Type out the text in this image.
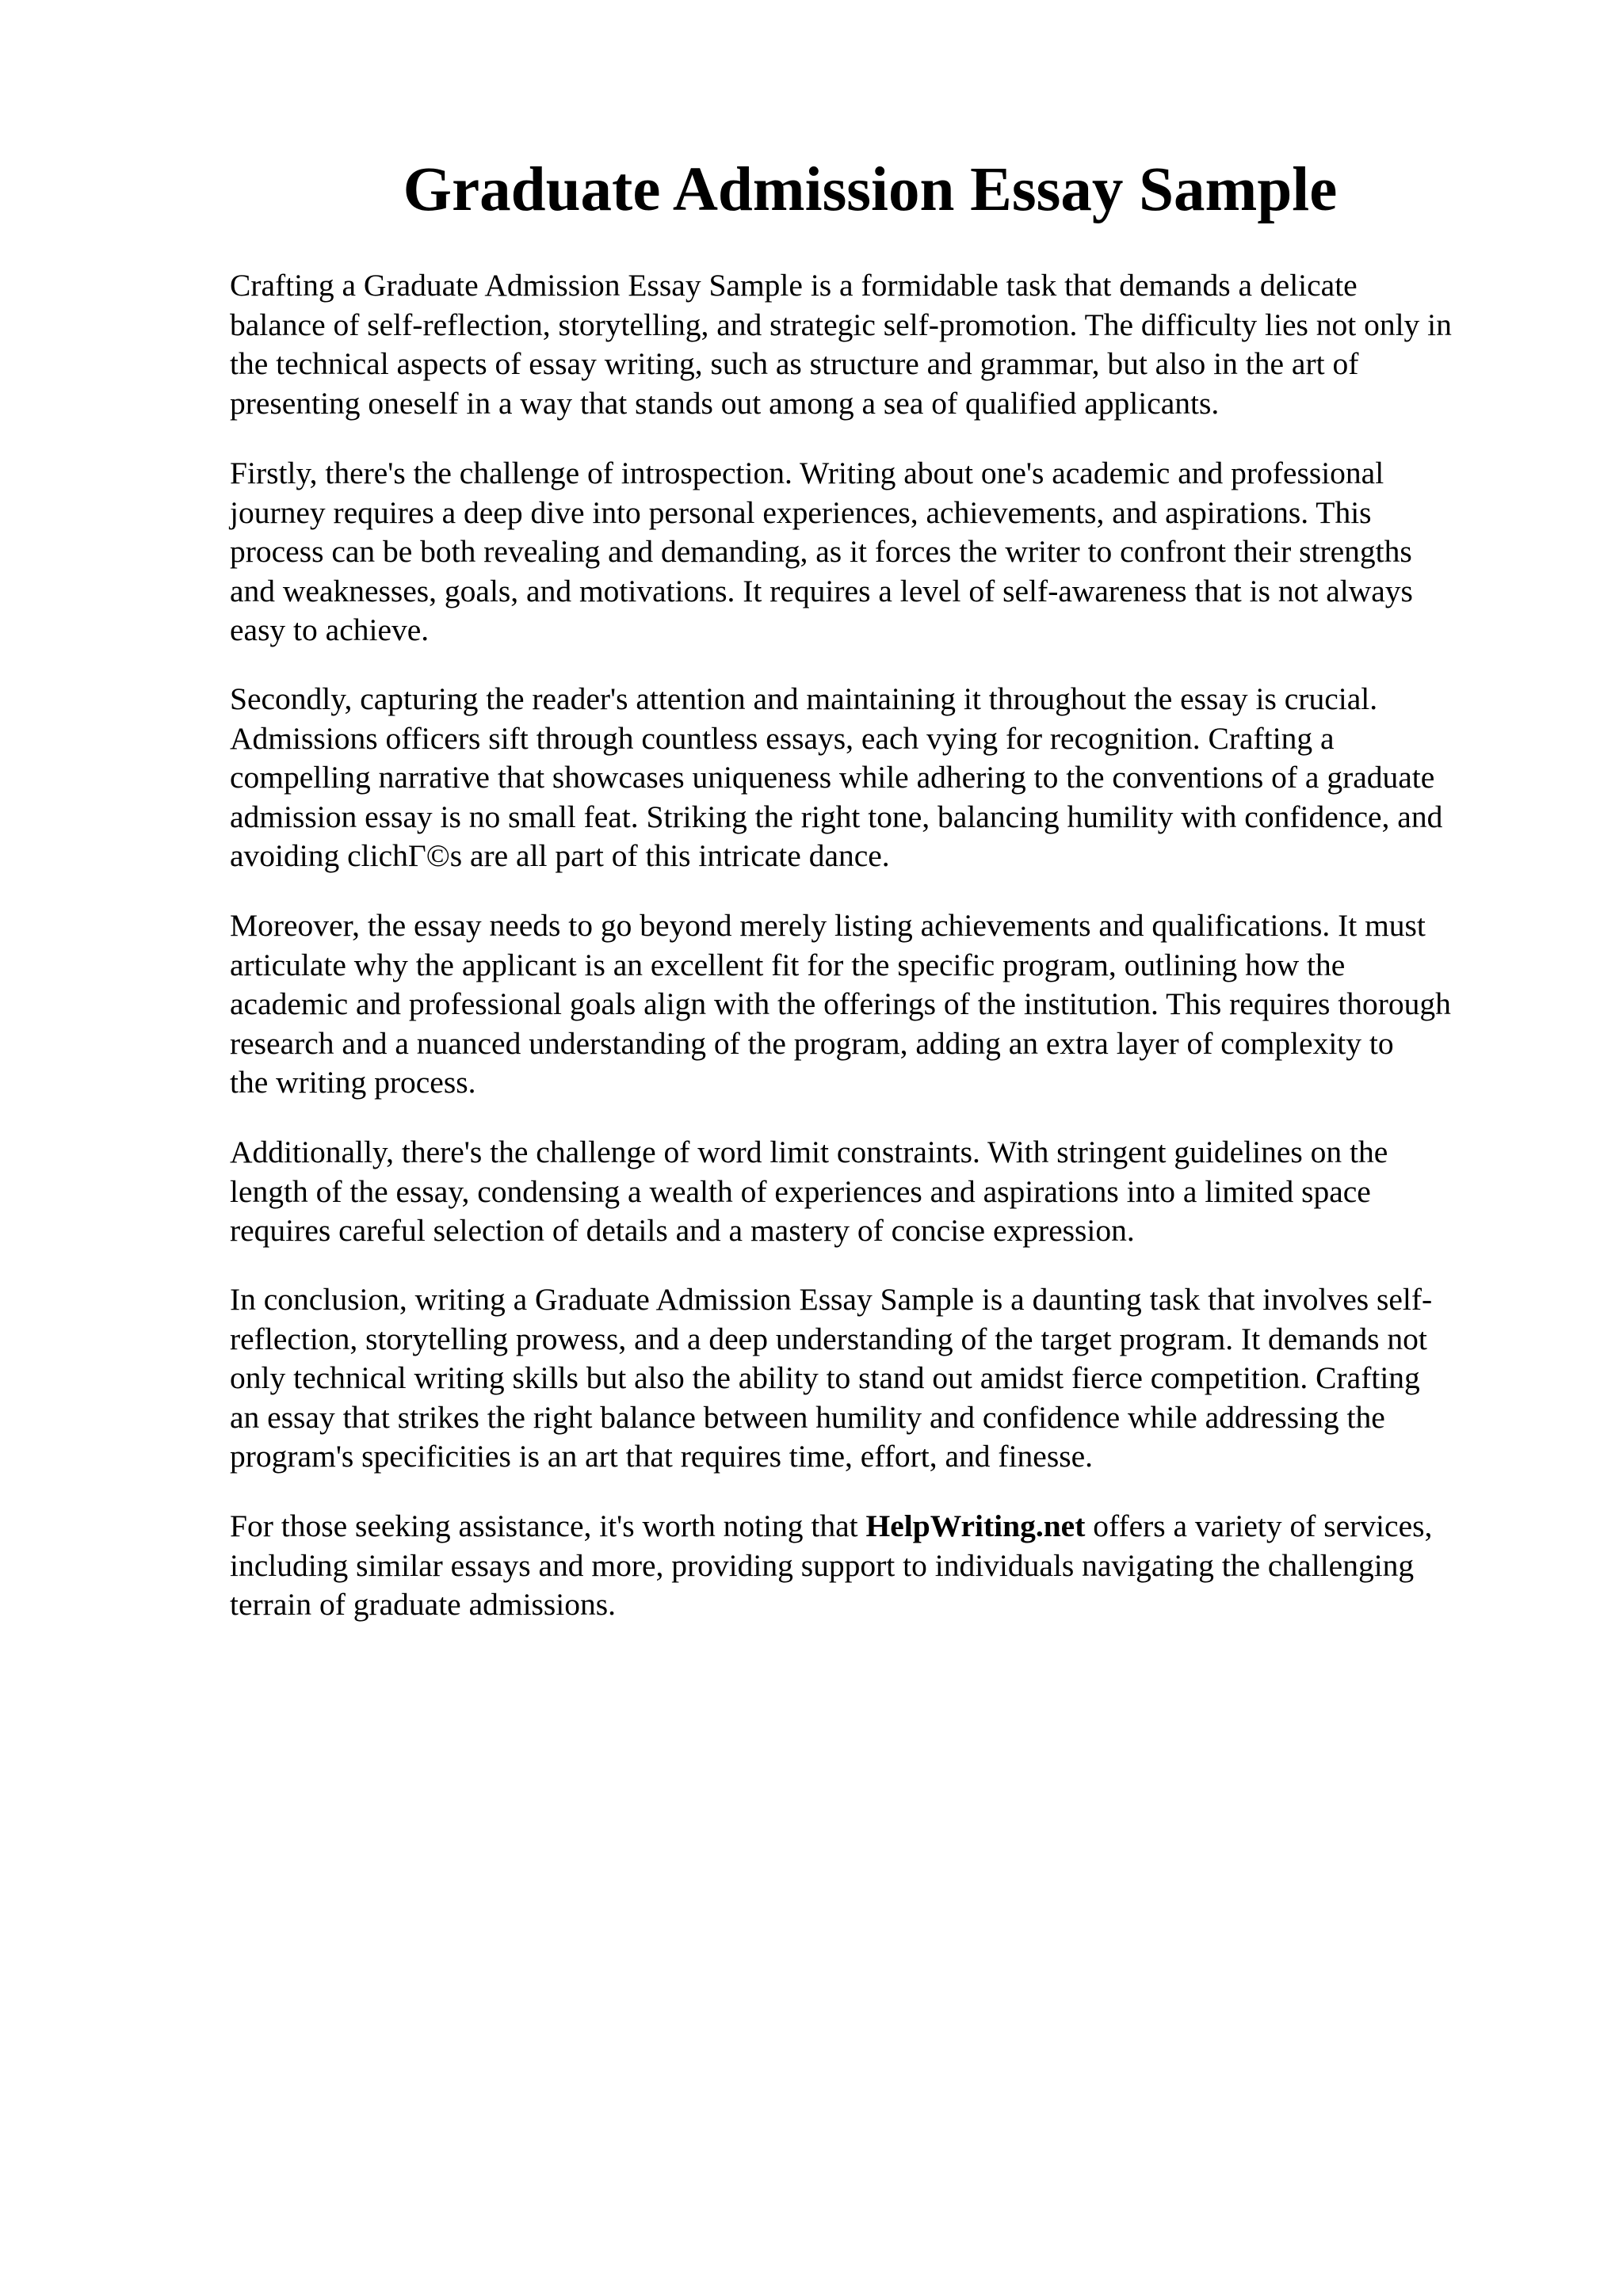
Graduate Admission Essay Sample

Crafting a Graduate Admission Essay Sample is a formidable task that demands a delicate
balance of self-reflection, storytelling, and strategic self-promotion. The difficulty lies not only in
the technical aspects of essay writing, such as structure and grammar, but also in the art of
presenting oneself in a way that stands out among a sea of qualified applicants.

Firstly, there's the challenge of introspection. Writing about one's academic and professional
journey requires a deep dive into personal experiences, achievements, and aspirations. This
process can be both revealing and demanding, as it forces the writer to confront their strengths
and weaknesses, goals, and motivations. It requires a level of self-awareness that is not always
easy to achieve.

Secondly, capturing the reader's attention and maintaining it throughout the essay is crucial.
Admissions officers sift through countless essays, each vying for recognition. Crafting a
compelling narrative that showcases uniqueness while adhering to the conventions of a graduate
admission essay is no small feat. Striking the right tone, balancing humility with confidence, and
avoiding clichГ©s are all part of this intricate dance.

Moreover, the essay needs to go beyond merely listing achievements and qualifications. It must
articulate why the applicant is an excellent fit for the specific program, outlining how the
academic and professional goals align with the offerings of the institution. This requires thorough
research and a nuanced understanding of the program, adding an extra layer of complexity to
the writing process.

Additionally, there's the challenge of word limit constraints. With stringent guidelines on the
length of the essay, condensing a wealth of experiences and aspirations into a limited space
requires careful selection of details and a mastery of concise expression.

In conclusion, writing a Graduate Admission Essay Sample is a daunting task that involves self-
reflection, storytelling prowess, and a deep understanding of the target program. It demands not
only technical writing skills but also the ability to stand out amidst fierce competition. Crafting
an essay that strikes the right balance between humility and confidence while addressing the
program's specificities is an art that requires time, effort, and finesse.

For those seeking assistance, it's worth noting that HelpWriting.net offers a variety of services,
including similar essays and more, providing support to individuals navigating the challenging
terrain of graduate admissions.
